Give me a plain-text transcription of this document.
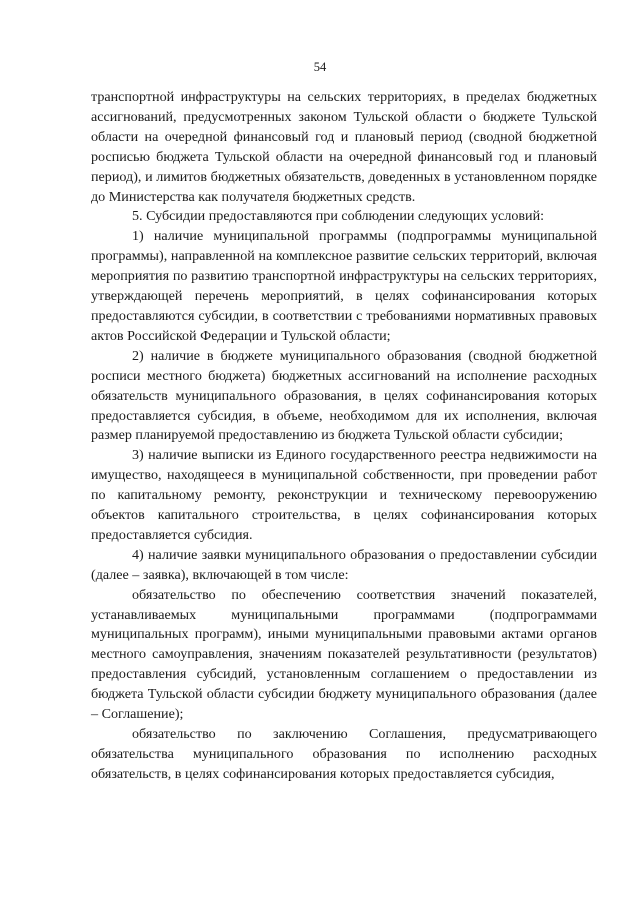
54

транспортной инфраструктуры на сельских территориях, в пределах бюджетных ассигнований, предусмотренных законом Тульской области о бюджете Тульской области на очередной финансовый год и плановый период (сводной бюджетной росписью бюджета Тульской области на очередной финансовый год и плановый период), и лимитов бюджетных обязательств, доведенных в установленном порядке до Министерства как получателя бюджетных средств.

5. Субсидии предоставляются при соблюдении следующих условий:

1) наличие муниципальной программы (подпрограммы муниципальной программы), направленной на комплексное развитие сельских территорий, включая мероприятия по развитию транспортной инфраструктуры на сельских территориях, утверждающей перечень мероприятий, в целях софинансирования которых предоставляются субсидии, в соответствии с требованиями нормативных правовых актов Российской Федерации и Тульской области;

2) наличие в бюджете муниципального образования (сводной бюджетной росписи местного бюджета) бюджетных ассигнований на исполнение расходных обязательств муниципального образования, в целях софинансирования которых предоставляется субсидия, в объеме, необходимом для их исполнения, включая размер планируемой предоставлению из бюджета Тульской области субсидии;

3) наличие выписки из Единого государственного реестра недвижимости на имущество, находящееся в муниципальной собственности, при проведении работ по капитальному ремонту, реконструкции и техническому перевооружению объектов капитального строительства, в целях софинансирования которых предоставляется субсидия.

4) наличие заявки муниципального образования о предоставлении субсидии (далее – заявка), включающей в том числе:

обязательство по обеспечению соответствия значений показателей, устанавливаемых муниципальными программами (подпрограммами муниципальных программ), иными муниципальными правовыми актами органов местного самоуправления, значениям показателей результативности (результатов) предоставления субсидий, установленным соглашением о предоставлении из бюджета Тульской области субсидии бюджету муниципального образования (далее – Соглашение);

обязательство по заключению Соглашения, предусматривающего обязательства муниципального образования по исполнению расходных обязательств, в целях софинансирования которых предоставляется субсидия,
